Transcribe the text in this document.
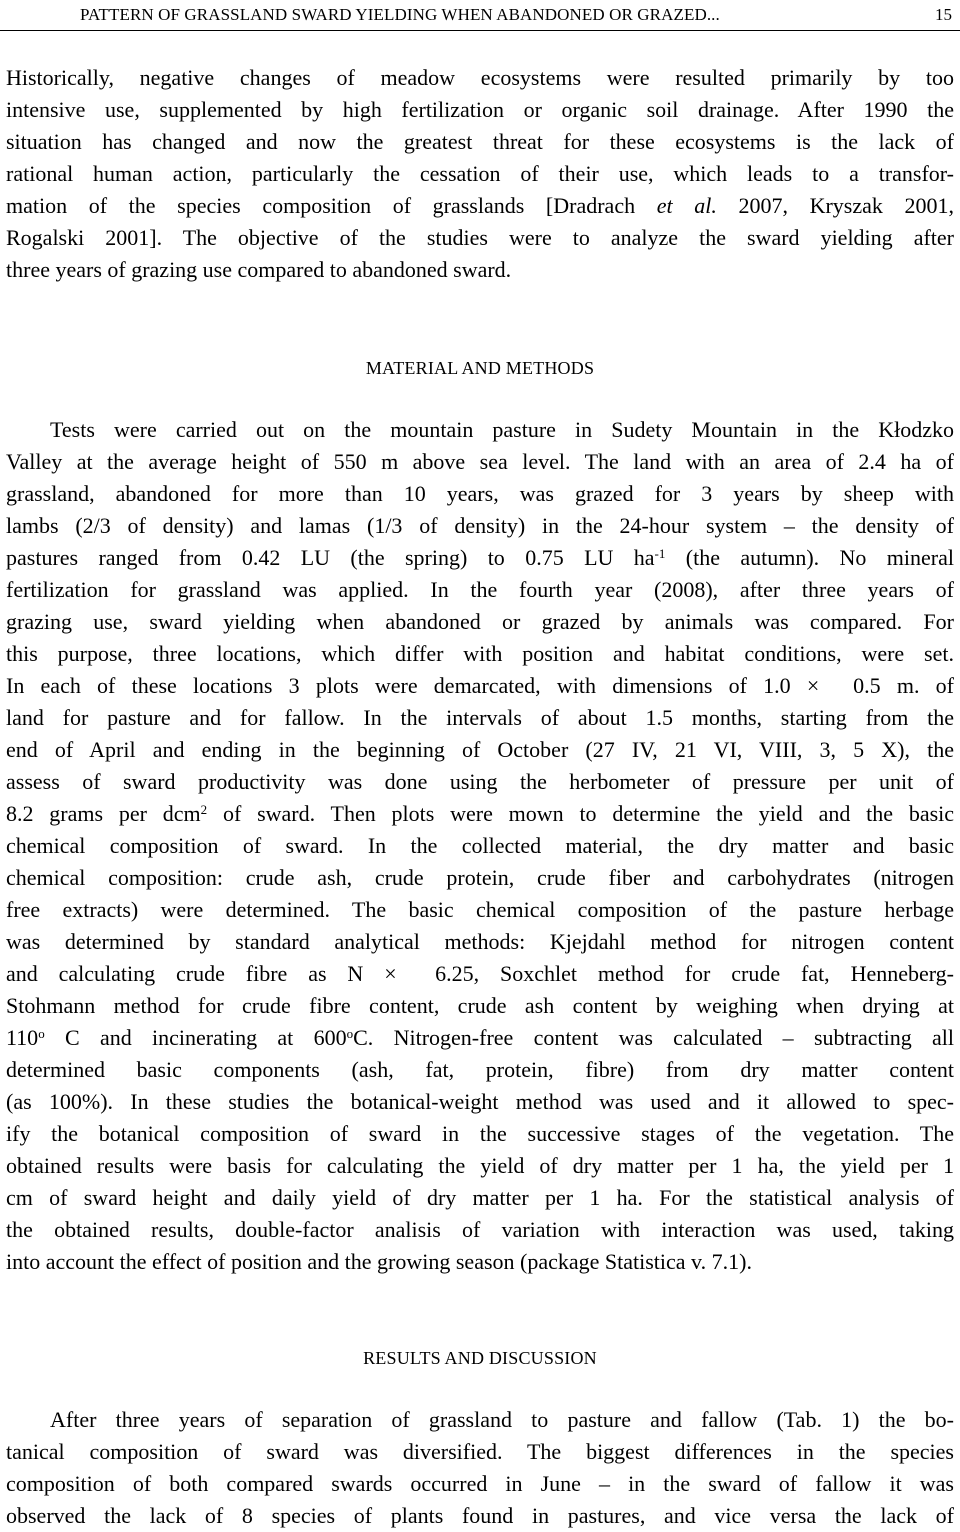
PATTERN OF GRASSLAND SWARD YIELDING WHEN ABANDONED OR GRAZED...	15
Historically, negative changes of meadow ecosystems were resulted primarily by too
intensive use, supplemented by high fertilization or organic soil drainage. After 1990 the
situation has changed and now the greatest threat for these ecosystems is the lack of
rational human action, particularly the cessation of their use, which leads to a transfor-
mation of the species composition of grasslands [Dradrach et al. 2007, Kryszak 2001,
Rogalski 2001]. The objective of the studies were to analyze the sward yielding after
three years of grazing use compared to abandoned sward.
MATERIAL AND METHODS
Tests were carried out on the mountain pasture in Sudety Mountain in the Kłodzko
Valley at the average height of 550 m above sea level. The land with an area of 2.4 ha of
grassland, abandoned for more than 10 years, was grazed for 3 years by sheep with
lambs (2/3 of density) and lamas (1/3 of density) in the 24-hour system – the density of
pastures ranged from 0.42 LU (the spring) to 0.75 LU $ha^{-1}$ (the autumn). No mineral
fertilization for grassland was applied. In the fourth year (2008), after three years of
grazing use, sward yielding when abandoned or grazed by animals was compared. For
this purpose, three locations, which differ with position and habitat conditions, were set.
In each of these locations 3 plots were demarcated, with dimensions of 1.0 × 0.5 m. of
land for pasture and for fallow. In the intervals of about 1.5 months, starting from the
end of April and ending in the beginning of October (27 IV, 21 VI, VIII, 3, 5 X), the
assess of sward productivity was done using the herbometer of pressure per unit of
8.2 grams per dcm$^2$ of sward. Then plots were mown to determine the yield and the basic
chemical composition of sward. In the collected material, the dry matter and basic
chemical composition: crude ash, crude protein, crude fiber and carbohydrates (nitrogen
free extracts) were determined. The basic chemical composition of the pasture herbage
was determined by standard analytical methods: Kjejdahl method for nitrogen content
and calculating crude fibre as N × 6.25, Soxchlet method for crude fat, Henneberg-
Stohmann method for crude fibre content, crude ash content by weighing when drying at
110$^o$ C and incinerating at 600$^o$C. Nitrogen-free content was calculated – subtracting all
determined basic components (ash, fat, protein, fibre) from dry matter content
(as 100%). In these studies the botanical-weight method was used and it allowed to spec-
ify the botanical composition of sward in the successive stages of the vegetation. The
obtained results were basis for calculating the yield of dry matter per 1 ha, the yield per 1
cm of sward height and daily yield of dry matter per 1 ha. For the statistical analysis of
the obtained results, double-factor analisis of variation with interaction was used, taking
into account the effect of position and the growing season (package Statistica v. 7.1).
RESULTS AND DISCUSSION
After three years of separation of grassland to pasture and fallow (Tab. 1) the bo-
tanical composition of sward was diversified. The biggest differences in the species
composition of both compared swards occurred in June – in the sward of fallow it was
observed the lack of 8 species of plants found in pastures, and vice versa the lack of
